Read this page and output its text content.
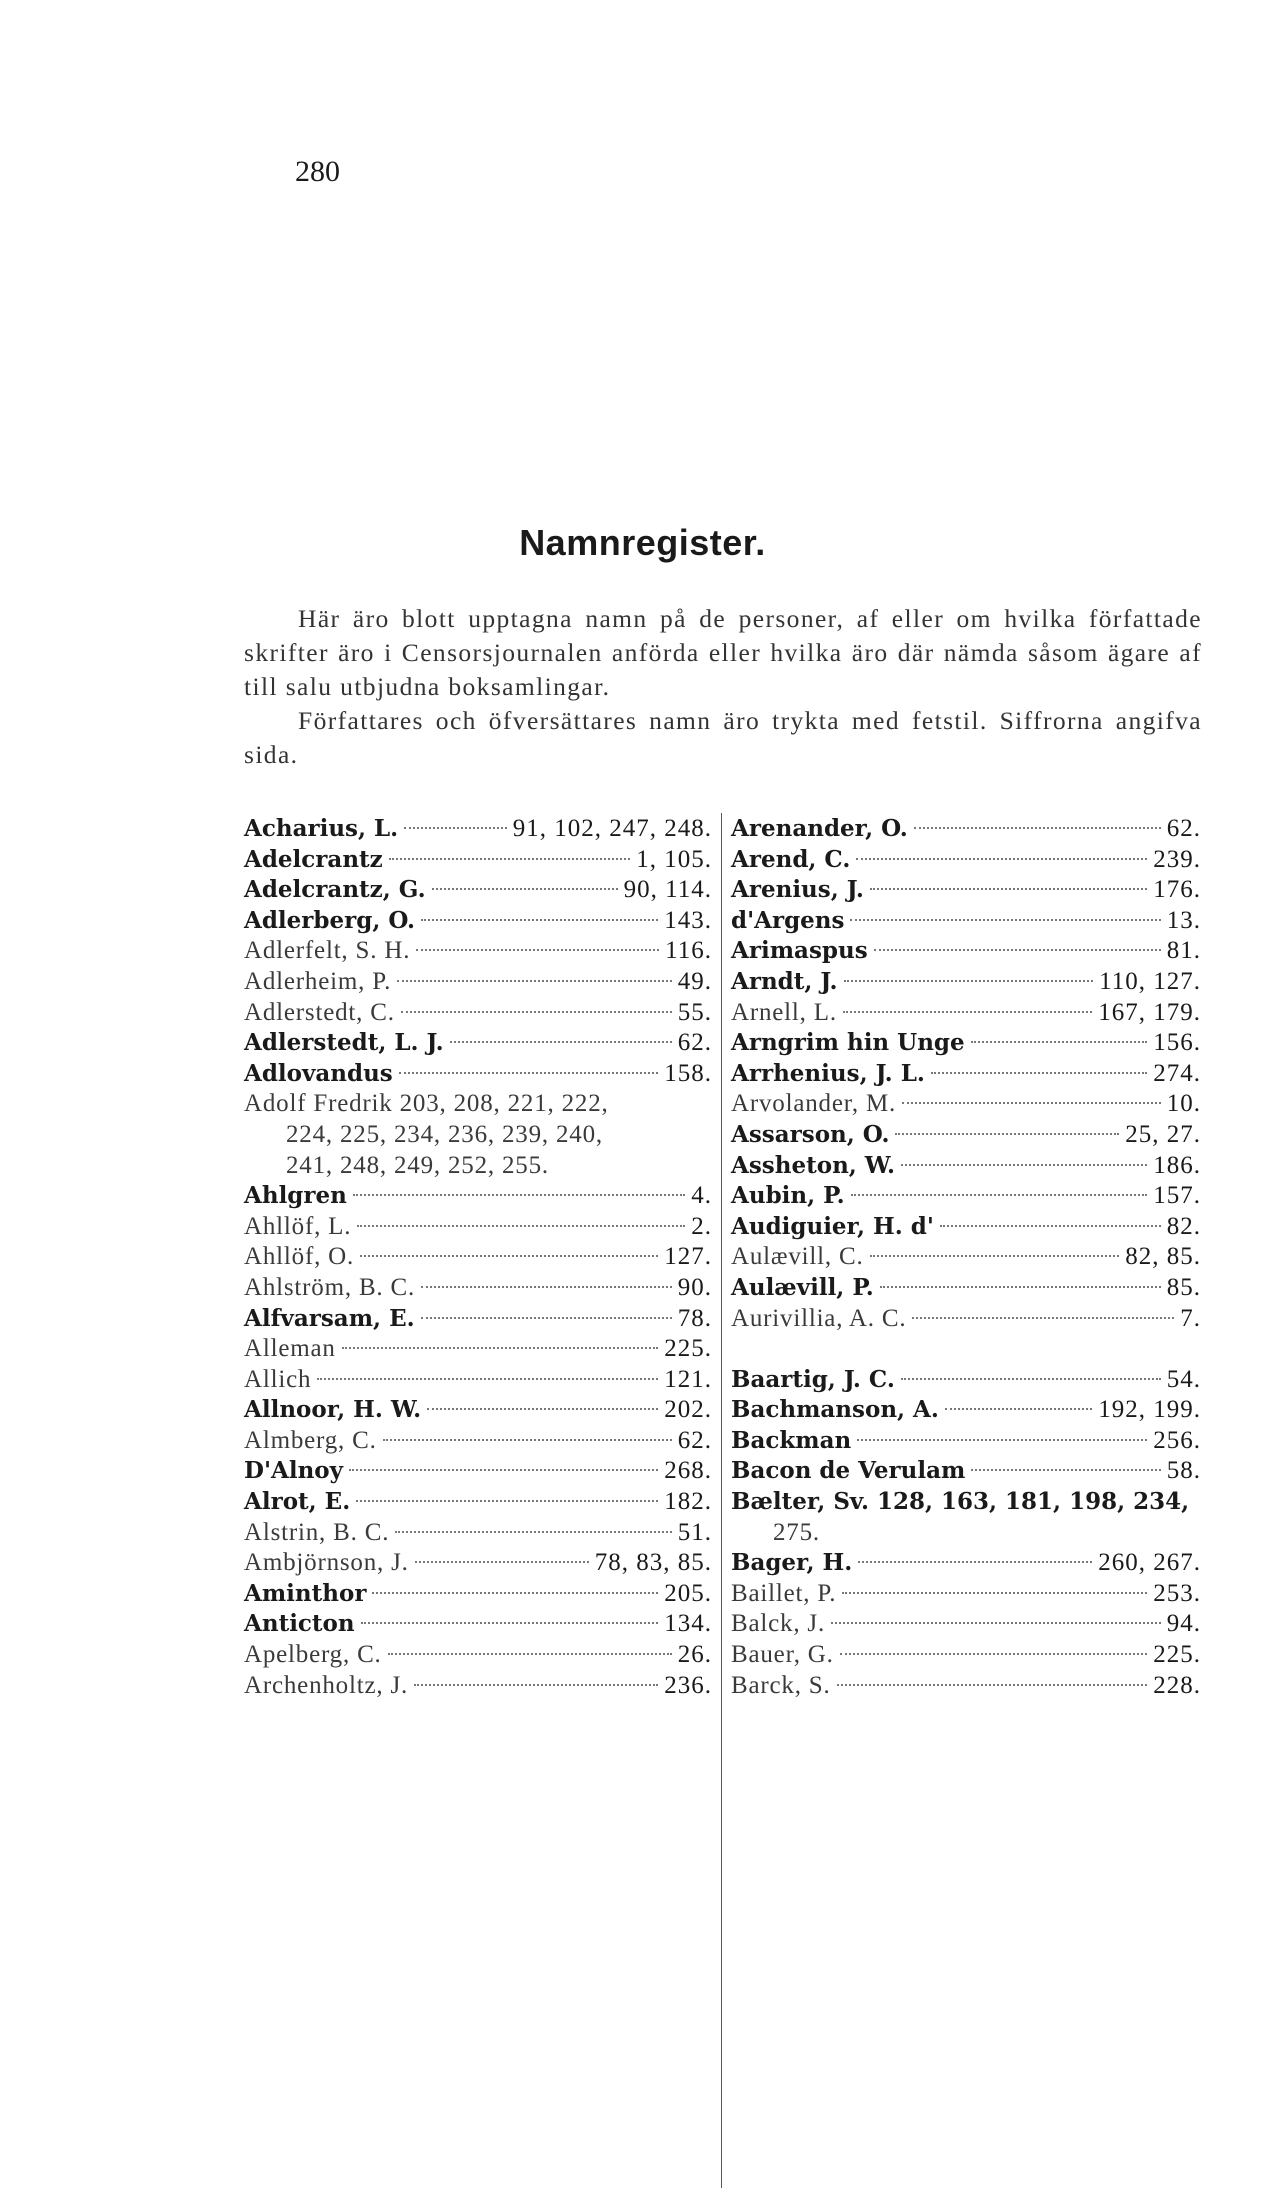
280
Namnregister.

Här äro blott upptagna namn på de personer, af eller om hvilka författade skrifter äro i Censorsjournalen anförda eller hvilka äro där nämda såsom ägare af till salu utbjudna boksamlingar.

Författares och öfversättares namn äro trykta med fetstil. Siffrorna angifva sida.

Acharius, L.	91, 102, 247, 248.
Adelcrantz	1, 105.
Adelcrantz, G.	90, 114.
Adlerberg, O.	143.
Adlerfelt, S. H.	116.
Adlerheim, P.	49.
Adlerstedt, C.	55.
Adlerstedt, L. J.	62.
Adlovandus	158.
Adolf Fredrik 203, 208, 221, 222,
224, 225, 234, 236, 239, 240,
241, 248, 249, 252, 255.
Ahlgren	4.
Ahllöf, L.	2.
Ahllöf, O.	127.
Ahlström, B. C.	90.
Alfvarsam, E.	78.
Alleman	225.
Allich	121.
Allnoor, H. W.	202.
Almberg, C.	62.
D'Alnoy	268.
Alrot, E.	182.
Alstrin, B. C.	51.
Ambjörnson, J.	78, 83, 85.
Aminthor	205.
Anticton	134.
Apelberg, C.	26.
Archenholtz, J.	236.
Arenander, O.	62.
Arend, C.	239.
Arenius, J.	176.
d'Argens	13.
Arimaspus	81.
Arndt, J.	110, 127.
Arnell, L.	167, 179.
Arngrim hin Unge	156.
Arrhenius, J. L.	274.
Arvolander, M.	10.
Assarson, O.	25, 27.
Assheton, W.	186.
Aubin, P.	157.
Audiguier, H. d'	82.
Aulævill, C.	82, 85.
Aulævill, P.	85.
Aurivillia, A. C.	7.
Baartig, J. C.	54.
Bachmanson, A.	192, 199.
Backman	256.
Bacon de Verulam	58.
Bælter, Sv. 128, 163, 181, 198, 234,
275.
Bager, H.	260, 267.
Baillet, P.	253.
Balck, J.	94.
Bauer, G.	225.
Barck, S.	228.
